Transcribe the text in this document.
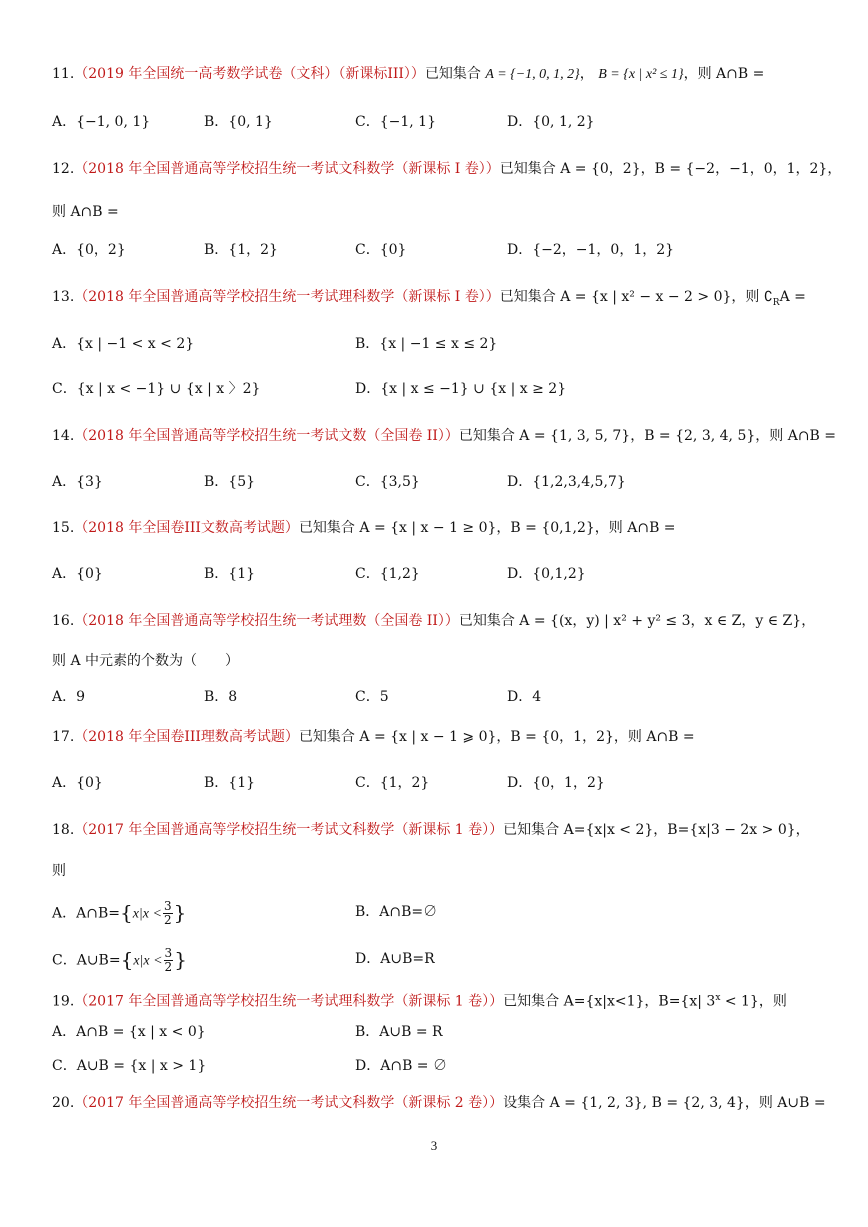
11.（2019 年全国统一高考数学试卷（文科）（新课标III））已知集合 A = {−1, 0, 1, 2}， B = {x | x² ≤ 1}，则 A∩B =
A．{−1, 0, 1}	B．{0, 1}	C．{−1, 1}	D．{0, 1, 2}
12.（2018 年全国普通高等学校招生统一考试文科数学（新课标 I 卷））已知集合 A = {0，2}，B = {−2，−1，0，1，2}，
则 A∩B =
A．{0，2}	B．{1，2}	C．{0}	D．{−2，−1，0，1，2}
13.（2018 年全国普通高等学校招生统一考试理科数学（新课标 I 卷））已知集合 A = {x | x² − x − 2 > 0}，则 $∁_RA$ =
A．{x | −1 < x < 2}	B．{x | −1 ≤ x ≤ 2}
C．{x | x < −1} ∪ {x | x 〉2}	D．{x | x ≤ −1} ∪ {x | x ≥ 2}
14.（2018 年全国普通高等学校招生统一考试文数（全国卷 II））已知集合 A = {1, 3, 5, 7}，B = {2, 3, 4, 5}，则 A∩B =
A．{3}	B．{5}	C．{3,5}	D．{1,2,3,4,5,7}
15.（2018 年全国卷III文数高考试题）已知集合 A = {x | x − 1 ≥ 0}，B = {0,1,2}，则 A∩B =
A．{0}	B．{1}	C．{1,2}	D．{0,1,2}
16.（2018 年全国普通高等学校招生统一考试理数（全国卷 II））已知集合 A = {(x，y) | x² + y² ≤ 3，x ∈ Z，y ∈ Z}，
则 A 中元素的个数为（　　）
A．9	B．8	C．5	D．4
17.（2018 年全国卷III理数高考试题）已知集合 A = {x | x − 1 ⩾ 0}，B = {0，1，2}，则 A∩B =
A．{0}	B．{1}	C．{1，2}	D．{0，1，2}
18.（2017 年全国普通高等学校招生统一考试文科数学（新课标 1 卷））已知集合 A={x|x < 2}，B={x|3 − 2x > 0}，
则
A．A∩B={x|x < $\frac{3}{2}$ }	B．A∩B=∅
C．A∪B={x|x < $\frac{3}{2}$ }	D．A∪B=R
19.（2017 年全国普通高等学校招生统一考试理科数学（新课标 1 卷））已知集合 A={x|x<1}，B={x| $3^x < 1$}，则
A．A∩B = {x | x < 0}	B．A∪B = R
C．A∪B = {x | x > 1}	D．A∩B = ∅
20.（2017 年全国普通高等学校招生统一考试文科数学（新课标 2 卷））设集合 A = {1, 2, 3}, B = {2, 3, 4}，则 A∪B =
3
